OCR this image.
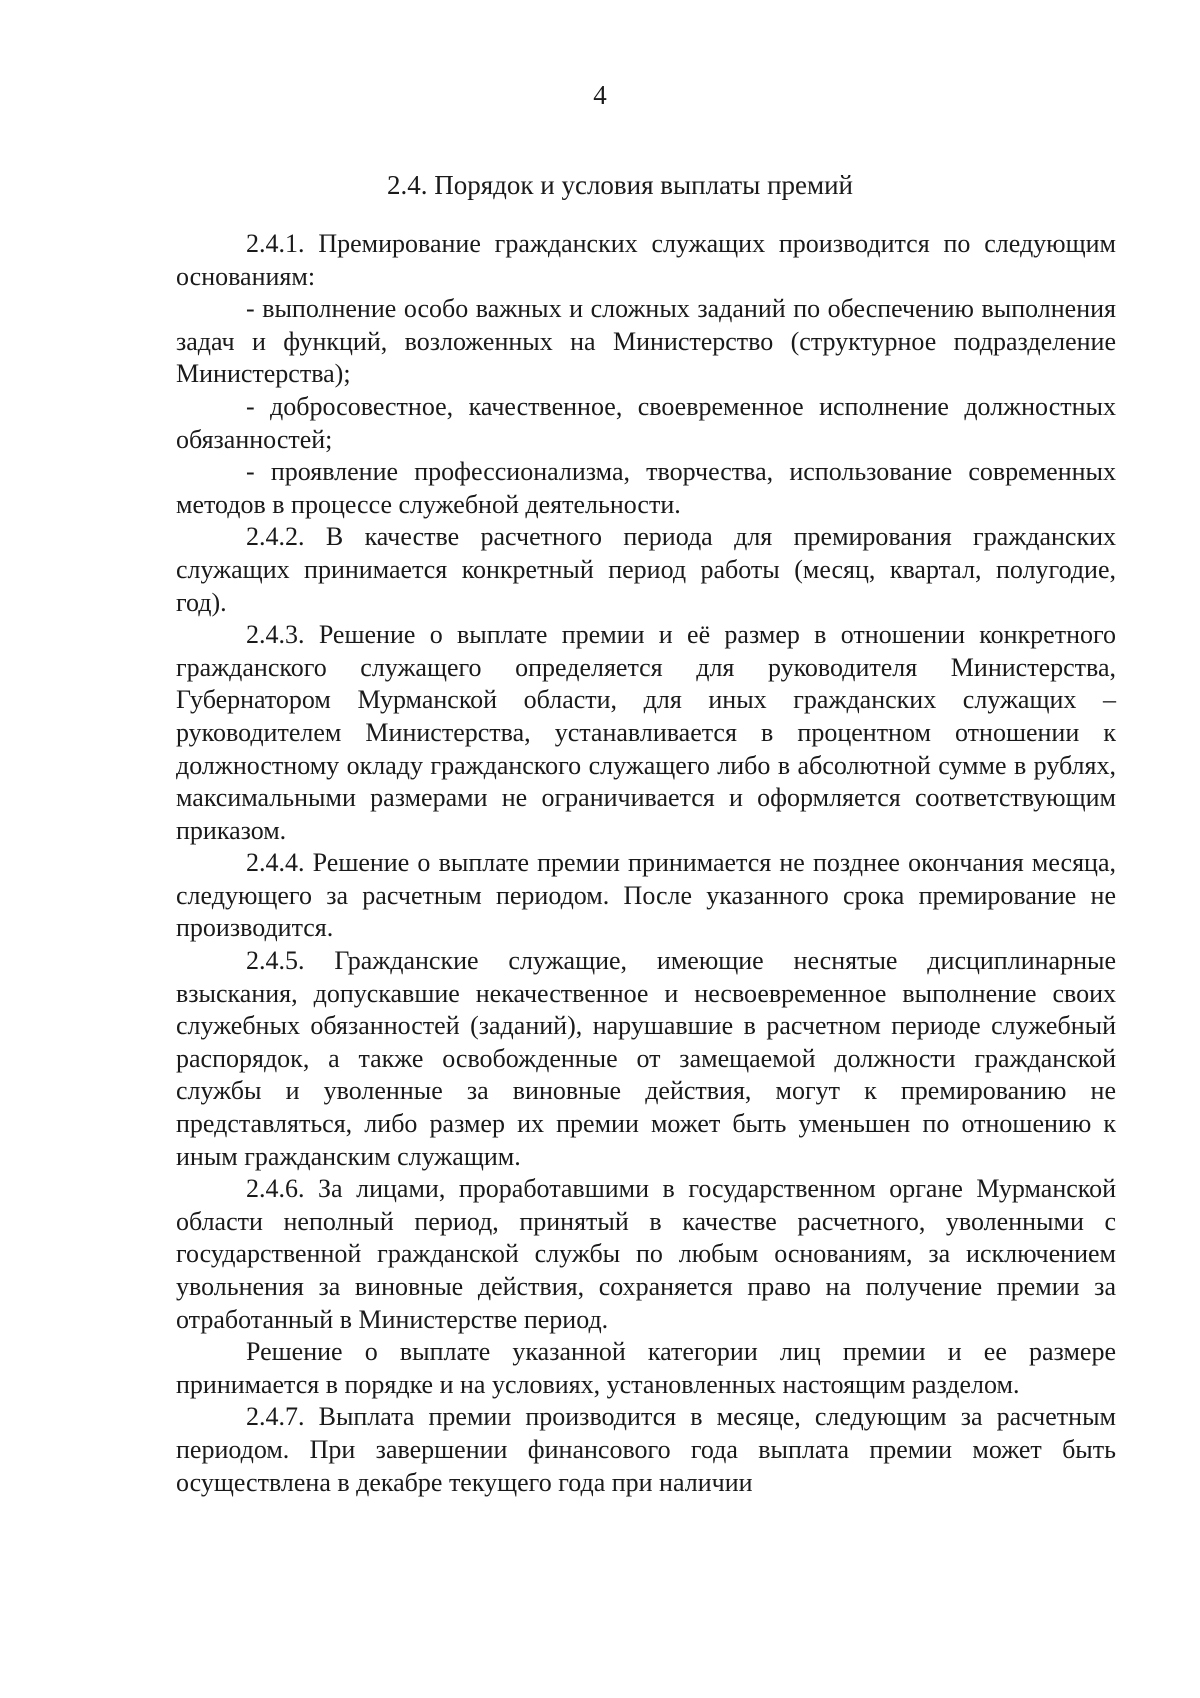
4
2.4. Порядок и условия выплаты премий

2.4.1. Премирование гражданских служащих производится по следующим основаниям:

- выполнение особо важных и сложных заданий по обеспечению выполнения задач и функций, возложенных на Министерство (структурное подразделение Министерства);

- добросовестное, качественное, своевременное исполнение должностных обязанностей;

- проявление профессионализма, творчества, использование современных методов в процессе служебной деятельности.

2.4.2. В качестве расчетного периода для премирования гражданских служащих принимается конкретный период работы (месяц, квартал, полугодие, год).

2.4.3. Решение о выплате премии и её размер в отношении конкретного гражданского служащего определяется для руководителя Министерства, Губернатором Мурманской области, для иных гражданских служащих – руководителем Министерства, устанавливается в процентном отношении к должностному окладу гражданского служащего либо в абсолютной сумме в рублях, максимальными размерами не ограничивается и оформляется соответствующим приказом.

2.4.4. Решение о выплате премии принимается не позднее окончания месяца, следующего за расчетным периодом. После указанного срока премирование не производится.

2.4.5. Гражданские служащие, имеющие неснятые дисциплинарные взыскания, допускавшие некачественное и несвоевременное выполнение своих служебных обязанностей (заданий), нарушавшие в расчетном периоде служебный распорядок, а также освобожденные от замещаемой должности гражданской службы и уволенные за виновные действия, могут к премированию не представляться, либо размер их премии может быть уменьшен по отношению к иным гражданским служащим.

2.4.6. За лицами, проработавшими в государственном органе Мурманской области неполный период, принятый в качестве расчетного, уволенными с государственной гражданской службы по любым основаниям, за исключением увольнения за виновные действия, сохраняется право на получение премии за отработанный в Министерстве период.

Решение о выплате указанной категории лиц премии и ее размере принимается в порядке и на условиях, установленных настоящим разделом.

2.4.7. Выплата премии производится в месяце, следующим за расчетным периодом. При завершении финансового года выплата премии может быть осуществлена в декабре текущего года при наличии
